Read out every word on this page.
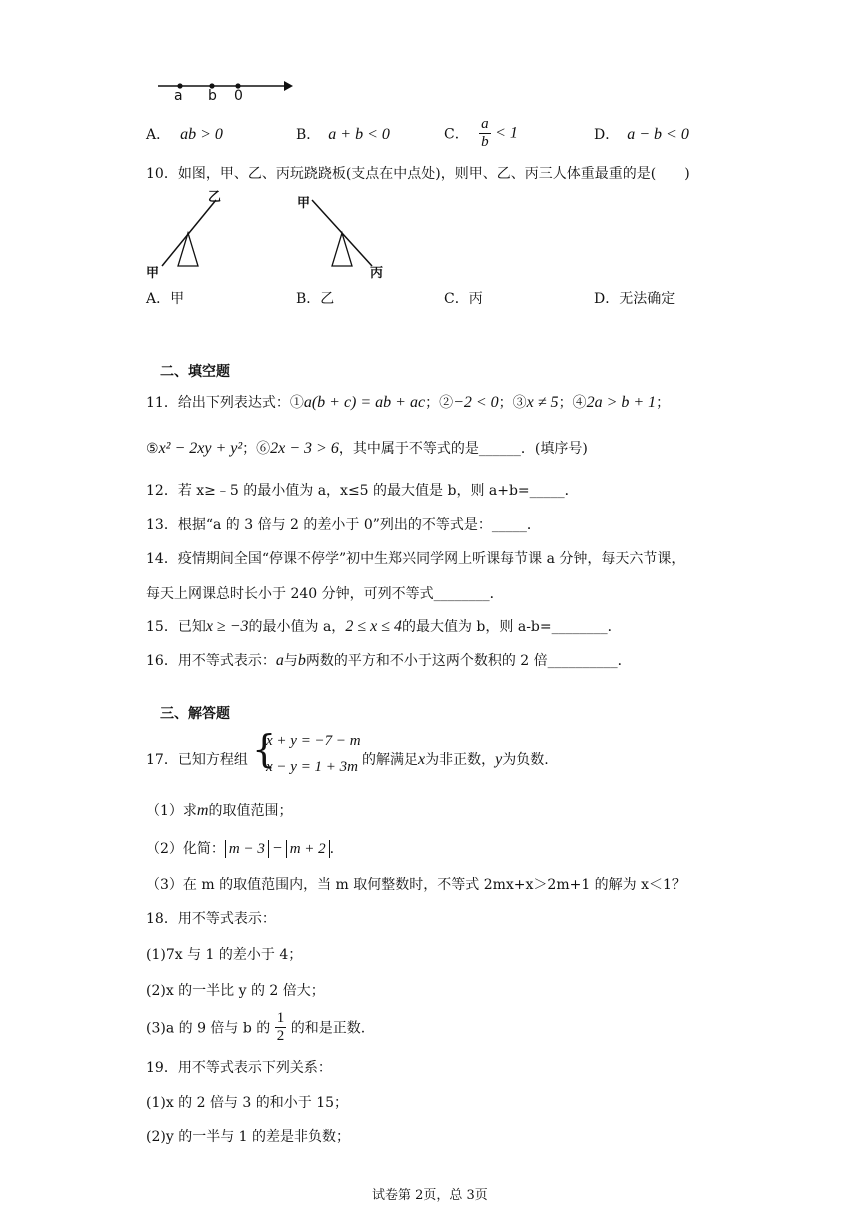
a b 0
A． ab > 0	B． a + b < 0	C． $\frac{a}{b} < 1$	D． a − b < 0
10．如图，甲、乙、丙玩跷跷板(支点在中点处)，则甲、乙、丙三人体重最重的是(　　)
乙
甲
甲
丙
A．甲	B．乙	C．丙	D．无法确定
二、填空题
11．给出下列表达式：①a(b + c) = ab + ac；②−2 < 0；③x ≠ 5；④2a > b + 1；
⑤x² − 2xy + y²；⑥2x − 3 > 6，其中属于不等式的是______．(填序号)
12．若 x≥﹣5 的最小值为 a，x≤5 的最大值是 b，则 a+b=_____．
13．根据“a 的 3 倍与 2 的差小于 0”列出的不等式是：_____．
14．疫情期间全国“停课不停学”初中生郑兴同学网上听课每节课 a 分钟，每天六节课，
每天上网课总时长小于 240 分钟，可列不等式________．
15．已知x ≥ −3的最小值为 a，2 ≤ x ≤ 4的最大值为 b，则 a-b=________．
16．用不等式表示：a与b两数的平方和不小于这两个数积的 2 倍__________．
三、解答题
17．已知方程组 {
x + y = −7 − m
x − y = 1 + 3m 的解满足x为非正数，y为负数.
（1）求m的取值范围；
（2）化简： m − 3 − m + 2 .
（3）在 m 的取值范围内，当 m 取何整数时，不等式 2mx+x＞2m+1 的解为 x＜1？
18．用不等式表示：
(1)7x 与 1 的差小于 4；
(2)x 的一半比 y 的 2 倍大；
(3)a 的 9 倍与 b 的 $\frac{1}{2}$ 的和是正数.
19．用不等式表示下列关系：
(1)x 的 2 倍与 3 的和小于 15；
(2)y 的一半与 1 的差是非负数；
试卷第 2页，总 3页
